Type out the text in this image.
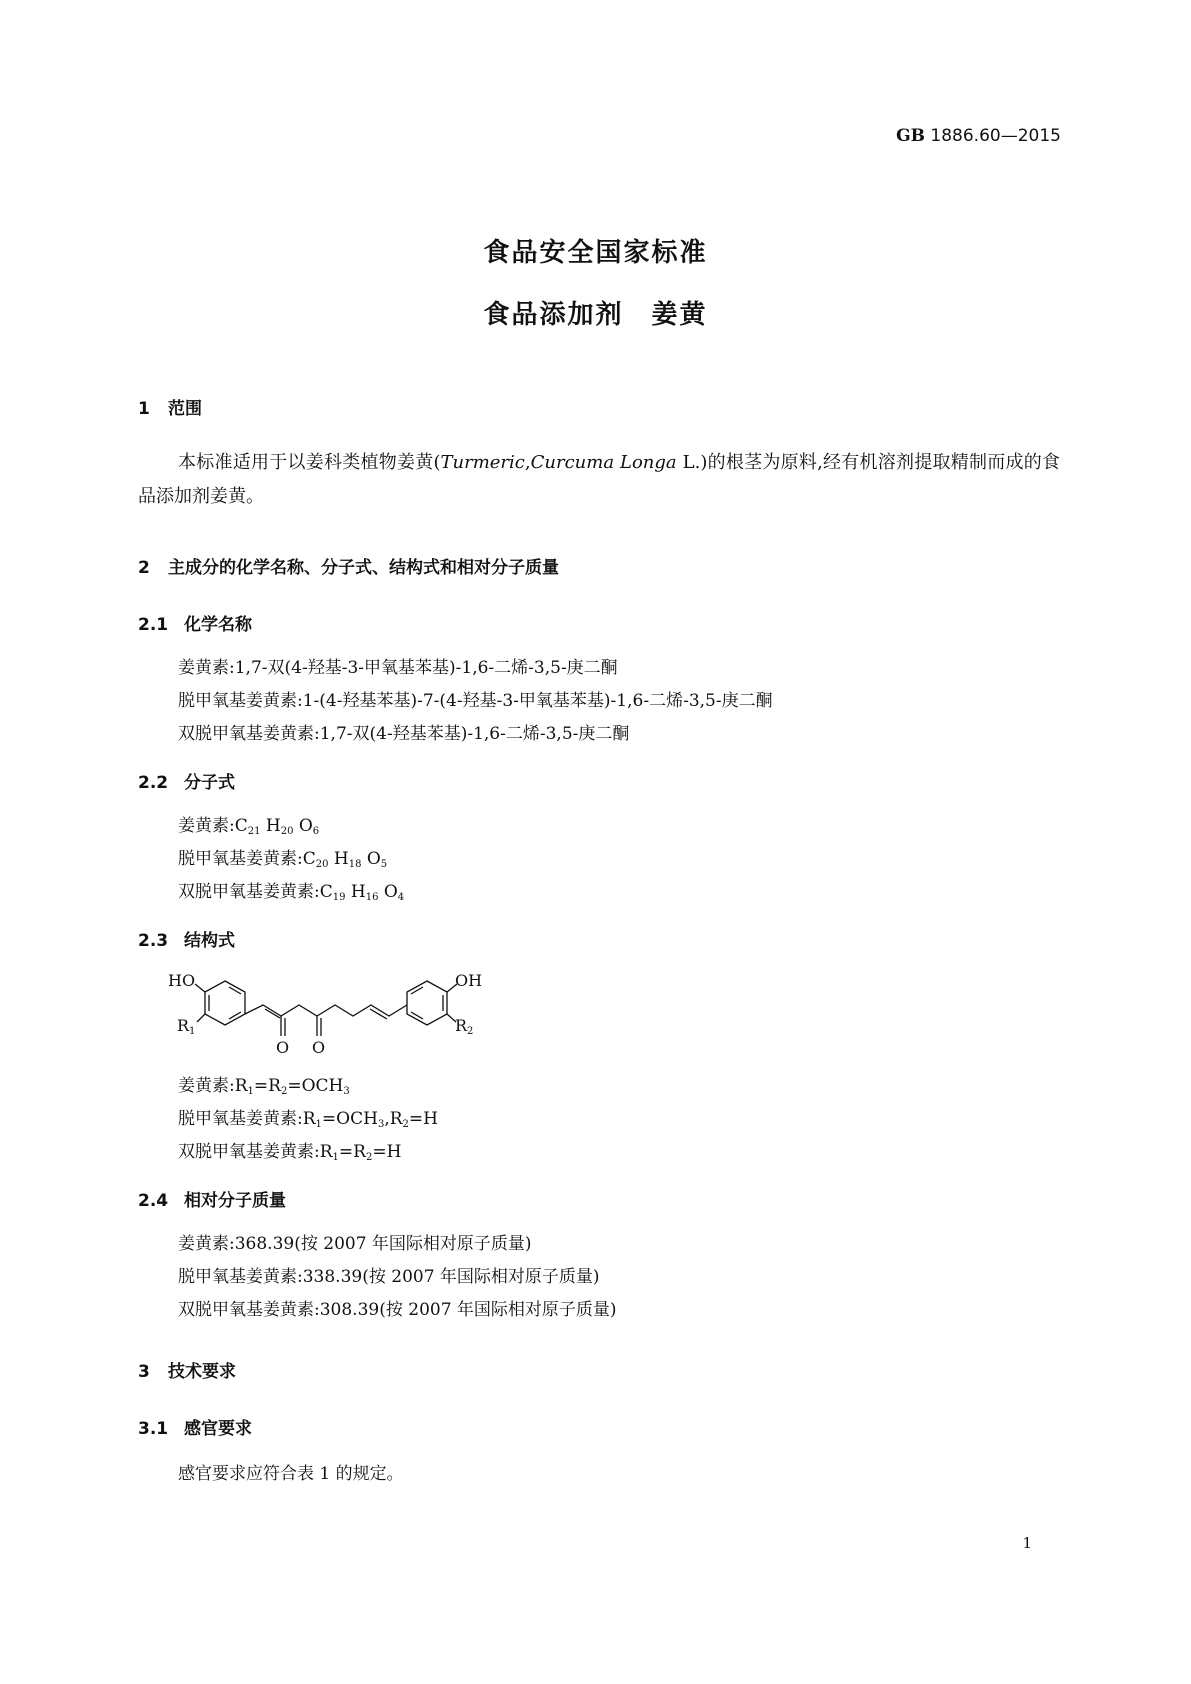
GB 1886.60—2015
食品安全国家标准
食品添加剂　姜黄
1 范围
本标准适用于以姜科类植物姜黄(Turmeric,Curcuma Longa L.)的根茎为原料,经有机溶剂提取精制而成的食品添加剂姜黄。
2 主成分的化学名称、分子式、结构式和相对分子质量
2.1 化学名称
姜黄素:1,7-双(4-羟基-3-甲氧基苯基)-1,6-二烯-3,5-庚二酮
脱甲氧基姜黄素:1-(4-羟基苯基)-7-(4-羟基-3-甲氧基苯基)-1,6-二烯-3,5-庚二酮
双脱甲氧基姜黄素:1,7-双(4-羟基苯基)-1,6-二烯-3,5-庚二酮
2.2 分子式
姜黄素$:C_{21}$ $H_{20}$ $O_6$
脱甲氧基姜黄素$:C_{20}$ $H_{18}$ $O_5$
双脱甲氧基姜黄素$:C_{19}$ $H_{16}$ $O_4$
2.3 结构式
HO
R1
O O
OH
R2
姜黄素$:R_1=R_2=OCH_3$
脱甲氧基姜黄素$:R_1=OCH_3,R_2=H$
双脱甲氧基姜黄素$:R_1=R_2=H$
2.4 相对分子质量
姜黄素:368.39(按 2007 年国际相对原子质量)
脱甲氧基姜黄素:338.39(按 2007 年国际相对原子质量)
双脱甲氧基姜黄素:308.39(按 2007 年国际相对原子质量)
3 技术要求
3.1 感官要求
感官要求应符合表 1 的规定。
1
